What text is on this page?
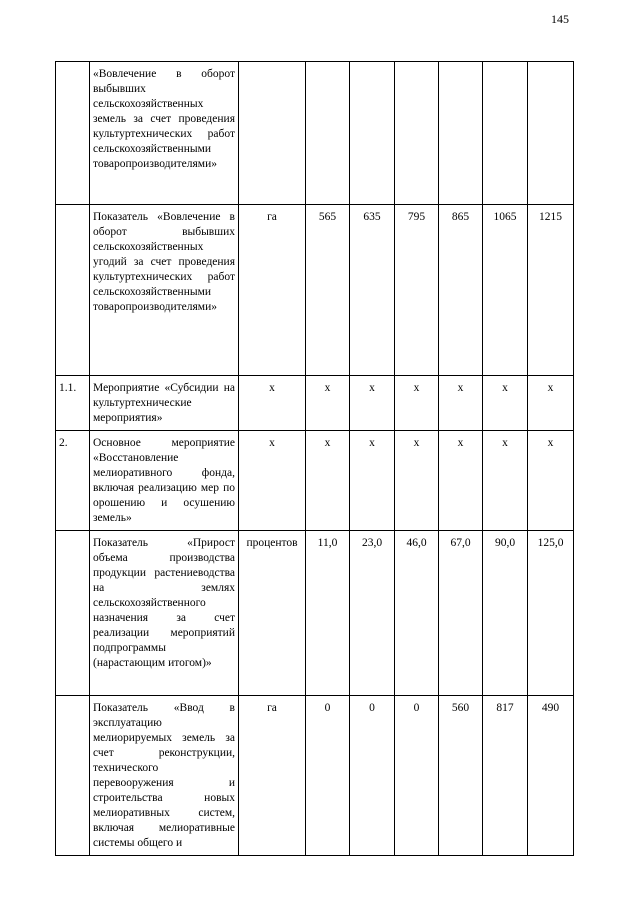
145
	«Вовлечение в оборот выбывших сельскохозяйственных земель за счет проведения культуртехнических работ сельскохозяйственными товаропроизводителями»							
	Показатель «Вовлечение в оборот выбывших сельскохозяйственных угодий за счет проведения культуртехнических работ сельскохозяйственными товаропроизводителями»	га	565	635	795	865	1065	1215
1.1.	Мероприятие «Субсидии на культуртехнические мероприятия»	х	х	х	х	х	х	х
2.	Основное мероприятие «Восстановление мелиоративного фонда, включая реализацию мер по орошению и осушению земель»	х	х	х	х	х	х	х
	Показатель «Прирост объема производства продукции растениеводства на землях сельскохозяйственного назначения за счет реализации мероприятий подпрограммы (нарастающим итогом)»	процентов	11,0	23,0	46,0	67,0	90,0	125,0
	Показатель «Ввод в эксплуатацию мелиорируемых земель за счет реконструкции, технического перевооружения и строительства новых мелиоративных систем, включая мелиоративные системы общего и	га	0	0	0	560	817	490
